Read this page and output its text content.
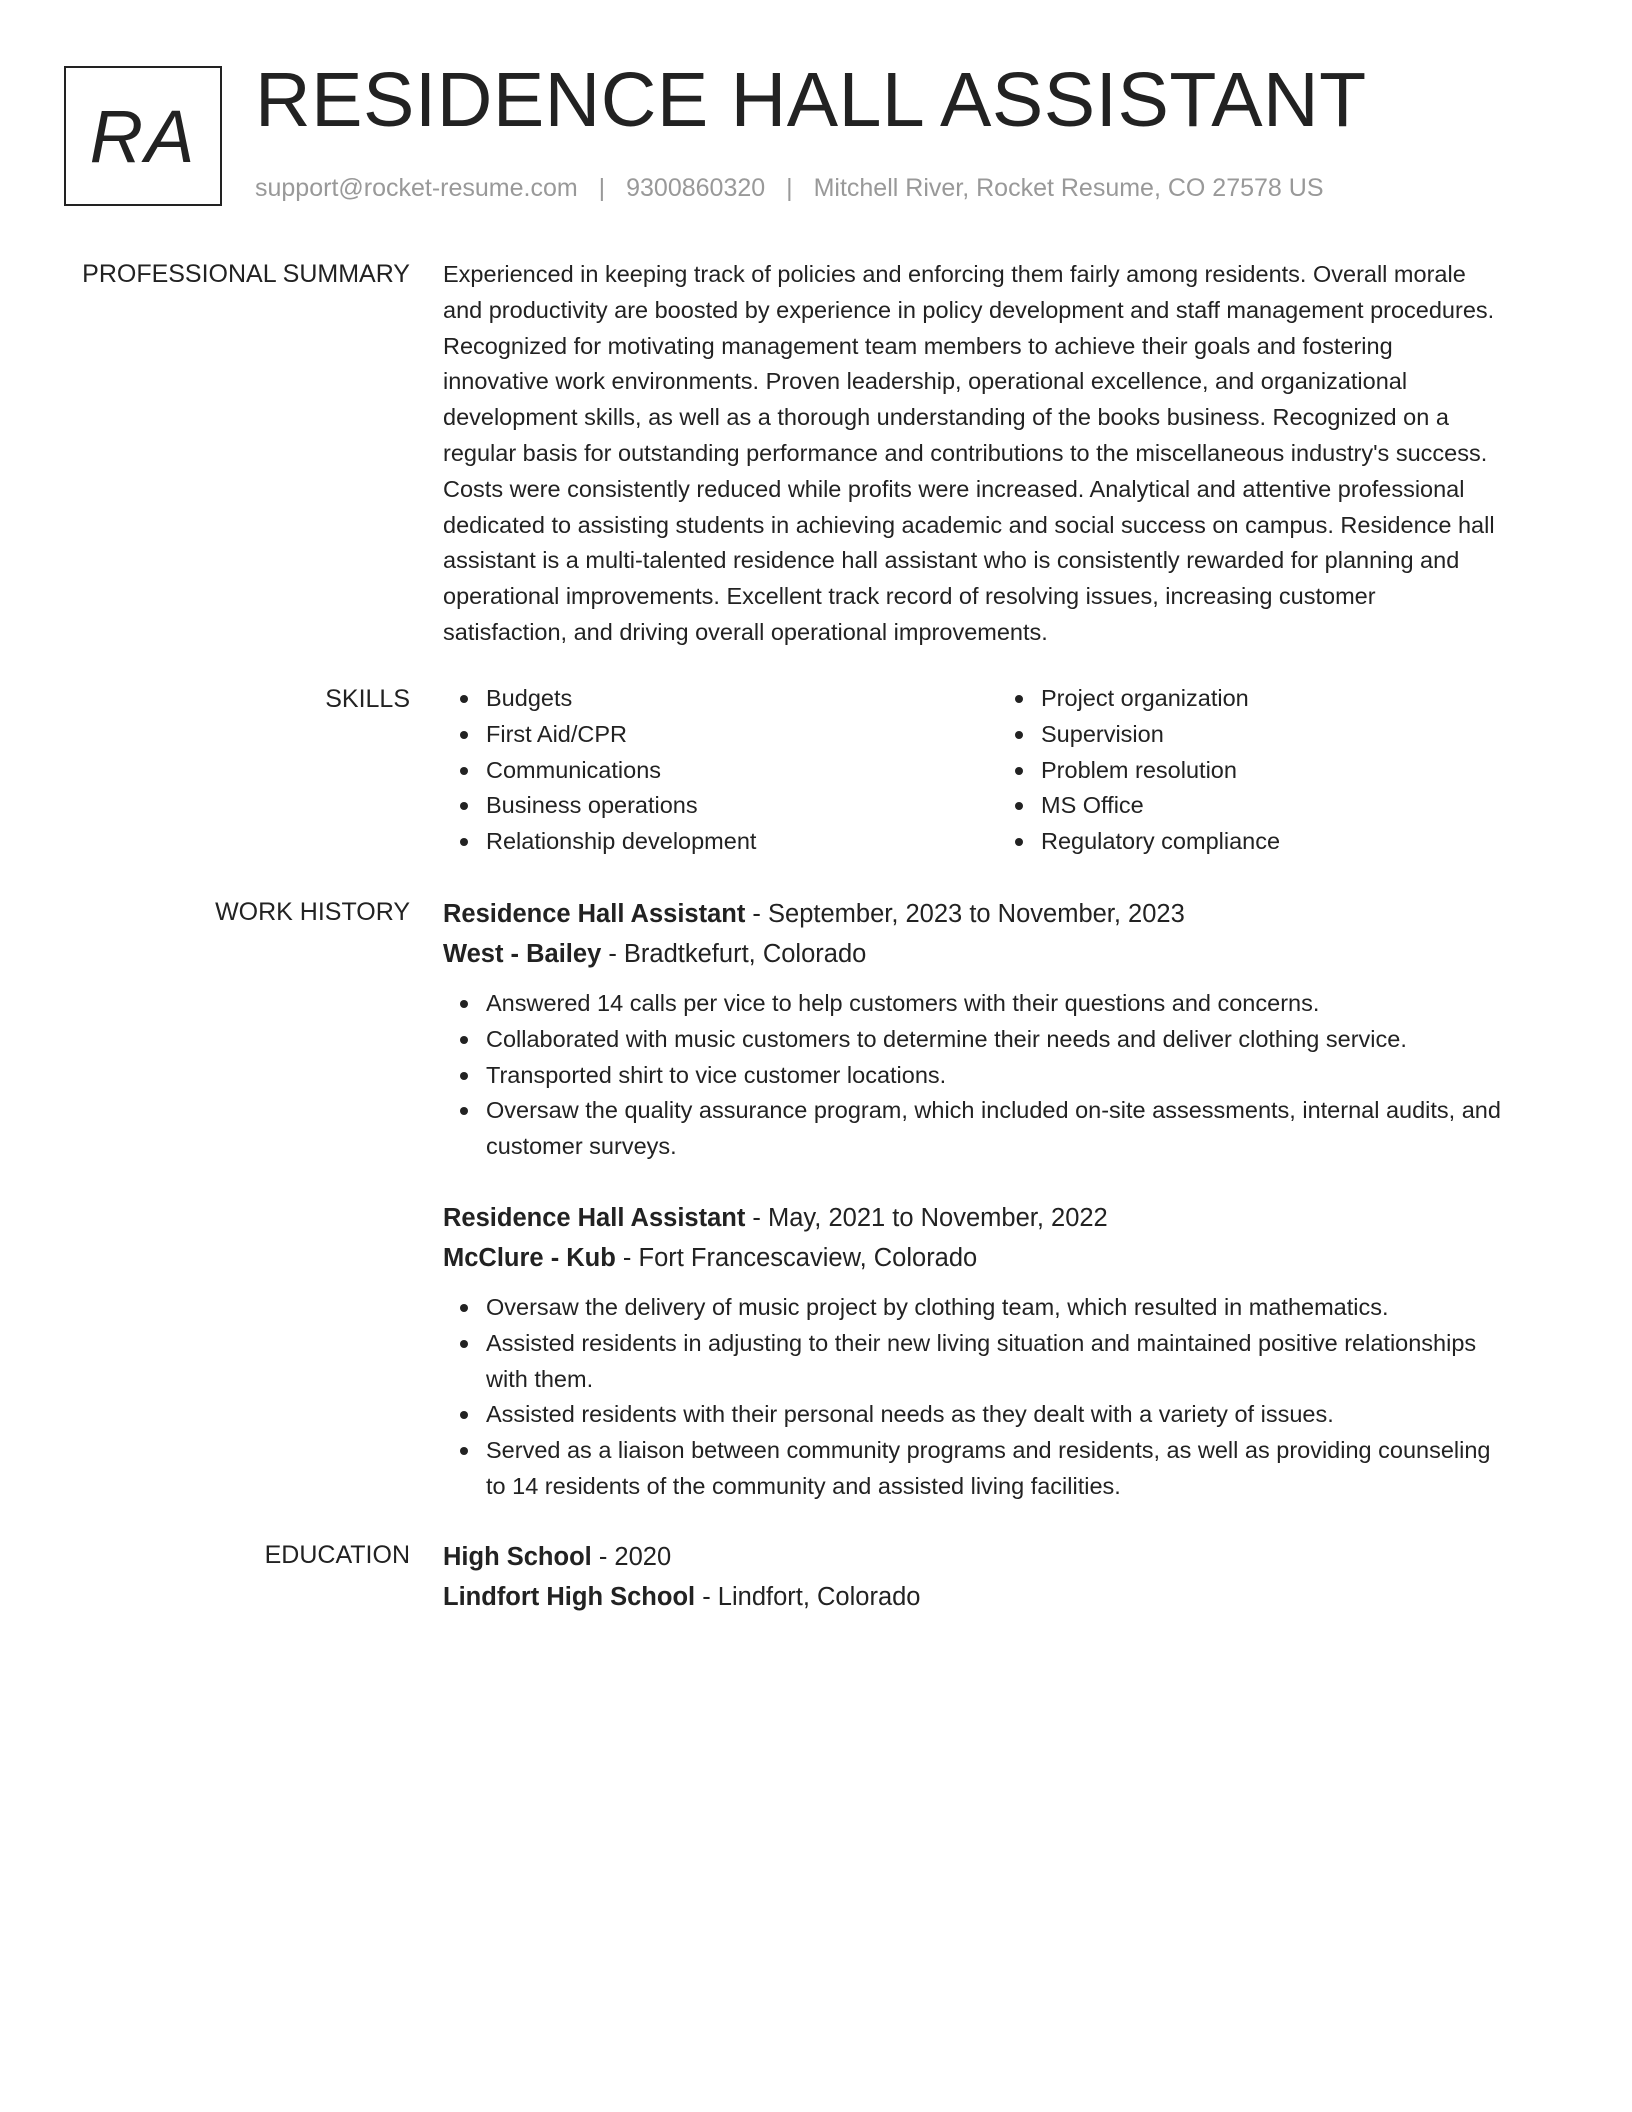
RA RESIDENCE HALL ASSISTANT
support@rocket-resume.com | 9300860320 | Mitchell River, Rocket Resume, CO 27578 US
PROFESSIONAL SUMMARY Experienced in keeping track of policies and enforcing them fairly among residents. Overall morale
and productivity are boosted by experience in policy development and staff management procedures.
Recognized for motivating management team members to achieve their goals and fostering
innovative work environments. Proven leadership, operational excellence, and organizational
development skills, as well as a thorough understanding of the books business. Recognized on a
regular basis for outstanding performance and contributions to the miscellaneous industry's success.
Costs were consistently reduced while profits were increased. Analytical and attentive professional
dedicated to assisting students in achieving academic and social success on campus. Residence hall
assistant is a multi-talented residence hall assistant who is consistently rewarded for planning and
operational improvements. Excellent track record of resolving issues, increasing customer
satisfaction, and driving overall operational improvements.
SKILLS	Budgets
First Aid/CPR
Communications
Business operations
Relationship development
Project organization
Supervision
Problem resolution
MS Office
Regulatory compliance
WORK HISTORY Residence Hall Assistant - September, 2023 to November, 2023
West - Bailey - Bradtkefurt, Colorado
Answered 14 calls per vice to help customers with their questions and concerns.
Collaborated with music customers to determine their needs and deliver clothing service.
Transported shirt to vice customer locations.
Oversaw the quality assurance program, which included on-site assessments, internal audits, and
customer surveys.
Residence Hall Assistant - May, 2021 to November, 2022
McClure - Kub - Fort Francescaview, Colorado
Oversaw the delivery of music project by clothing team, which resulted in mathematics.
Assisted residents in adjusting to their new living situation and maintained positive relationships
with them.
Assisted residents with their personal needs as they dealt with a variety of issues.
Served as a liaison between community programs and residents, as well as providing counseling
to 14 residents of the community and assisted living facilities.
EDUCATION High School - 2020
Lindfort High School - Lindfort, Colorado
